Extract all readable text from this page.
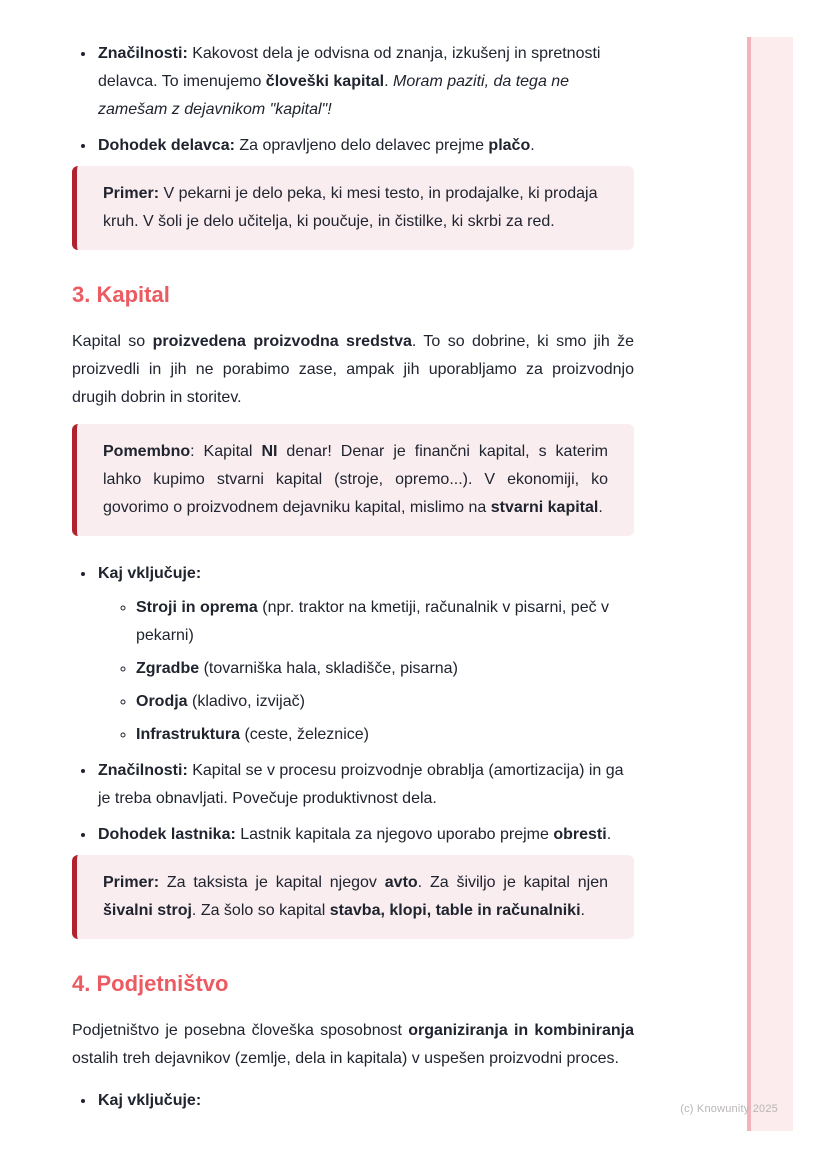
• Značilnosti: Kakovost dela je odvisna od znanja, izkušenj in spretnosti delavca. To imenujemo človeški kapital. Moram paziti, da tega ne zamešam z dejavnikom "kapital"!
• Dohodek delavca: Za opravljeno delo delavec prejme plačo.

Primer: V pekarni je delo peka, ki mesi testo, in prodajalke, ki prodaja kruh. V šoli je delo učitelja, ki poučuje, in čistilke, ki skrbi za red.

3. Kapital

Kapital so proizvedena proizvodna sredstva. To so dobrine, ki smo jih že proizvedli in jih ne porabimo zase, ampak jih uporabljamo za proizvodnjo drugih dobrin in storitev.

Pomembno: Kapital NI denar! Denar je finančni kapital, s katerim lahko kupimo stvarni kapital (stroje, opremo...). V ekonomiji, ko govorimo o proizvodnem dejavniku kapital, mislimo na stvarni kapital.

• Kaj vključuje:
◦ Stroji in oprema (npr. traktor na kmetiji, računalnik v pisarni, peč v pekarni)
◦ Zgradbe (tovarniška hala, skladišče, pisarna)
◦ Orodja (kladivo, izvijač)
◦ Infrastruktura (ceste, železnice)
• Značilnosti: Kapital se v procesu proizvodnje obrablja (amortizacija) in ga je treba obnavljati. Povečuje produktivnost dela.
• Dohodek lastnika: Lastnik kapitala za njegovo uporabo prejme obresti.

Primer: Za taksista je kapital njegov avto. Za šiviljo je kapital njen šivalni stroj. Za šolo so kapital stavba, klopi, table in računalniki.

4. Podjetništvo

Podjetništvo je posebna človeška sposobnost organiziranja in kombiniranja ostalih treh dejavnikov (zemlje, dela in kapitala) v uspešen proizvodni proces.

• Kaj vključuje:	(c) Knowunity 2025
